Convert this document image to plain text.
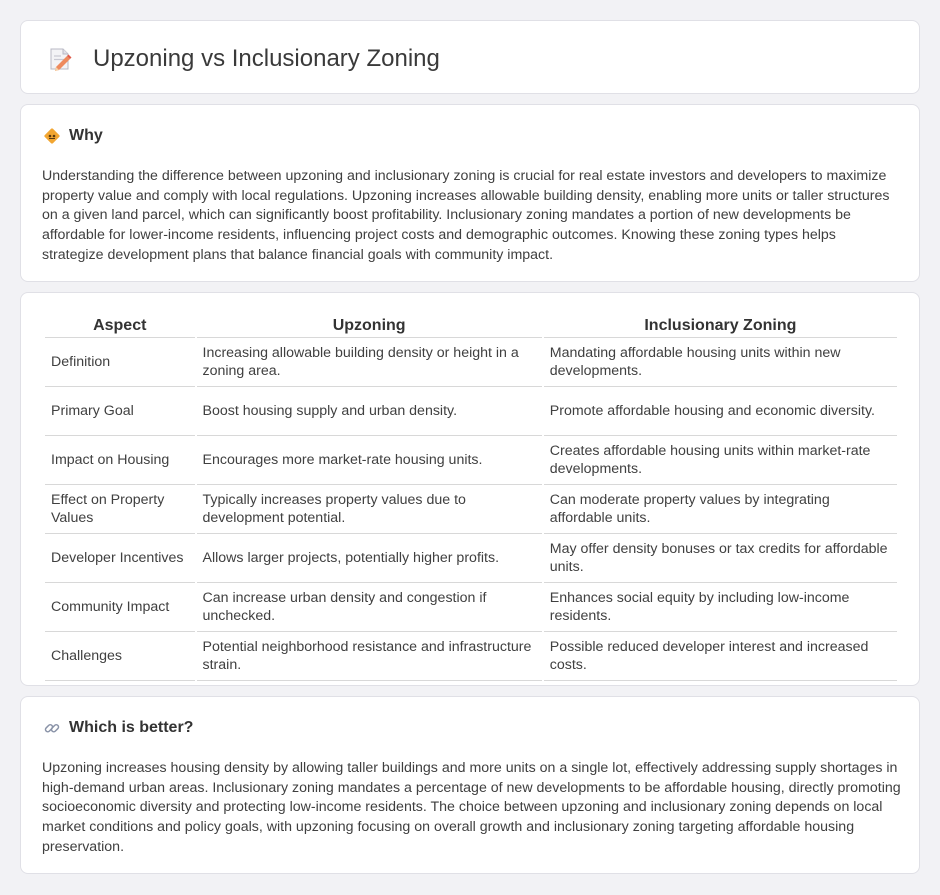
Upzoning vs Inclusionary Zoning
Why

Understanding the difference between upzoning and inclusionary zoning is crucial for real estate investors and developers to maximize property value and comply with local regulations. Upzoning increases allowable building density, enabling more units or taller structures on a given land parcel, which can significantly boost profitability. Inclusionary zoning mandates a portion of new developments be affordable for lower-income residents, influencing project costs and demographic outcomes. Knowing these zoning types helps strategize development plans that balance financial goals with community impact.

Aspect	Upzoning	Inclusionary Zoning
Definition	Increasing allowable building density or height in a zoning area.	Mandating affordable housing units within new developments.
Primary Goal	Boost housing supply and urban density.	Promote affordable housing and economic diversity.
Impact on Housing	Encourages more market-rate housing units.	Creates affordable housing units within market-rate developments.
Effect on Property Values	Typically increases property values due to development potential.	Can moderate property values by integrating affordable units.
Developer Incentives	Allows larger projects, potentially higher profits.	May offer density bonuses or tax credits for affordable units.
Community Impact	Can increase urban density and congestion if unchecked.	Enhances social equity by including low-income residents.
Challenges	Potential neighborhood resistance and infrastructure strain.	Possible reduced developer interest and increased costs.
Which is better?

Upzoning increases housing density by allowing taller buildings and more units on a single lot, effectively addressing supply shortages in high-demand urban areas. Inclusionary zoning mandates a percentage of new developments to be affordable housing, directly promoting socioeconomic diversity and protecting low-income residents. The choice between upzoning and inclusionary zoning depends on local market conditions and policy goals, with upzoning focusing on overall growth and inclusionary zoning targeting affordable housing preservation.
